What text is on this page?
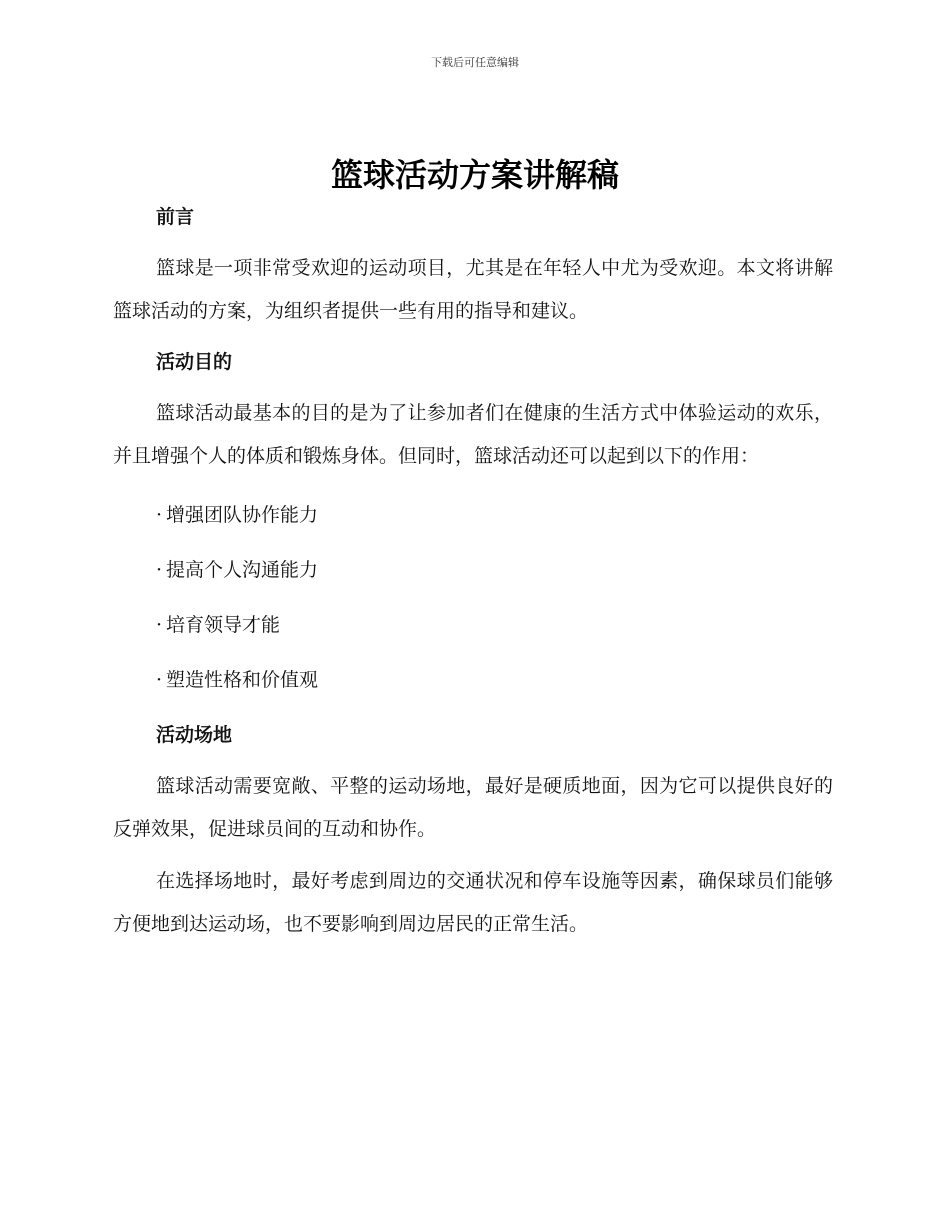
下载后可任意编辑
篮球活动方案讲解稿
前言

篮球是一项非常受欢迎的运动项目，尤其是在年轻人中尤为受欢迎。本文将讲解篮球活动的方案，为组织者提供一些有用的指导和建议。

活动目的

篮球活动最基本的目的是为了让参加者们在健康的生活方式中体验运动的欢乐，并且增强个人的体质和锻炼身体。但同时，篮球活动还可以起到以下的作用：

· 增强团队协作能力
· 提高个人沟通能力
· 培育领导才能
· 塑造性格和价值观
活动场地

篮球活动需要宽敞、平整的运动场地，最好是硬质地面，因为它可以提供良好的反弹效果，促进球员间的互动和协作。

在选择场地时，最好考虑到周边的交通状况和停车设施等因素，确保球员们能够方便地到达运动场，也不要影响到周边居民的正常生活。
